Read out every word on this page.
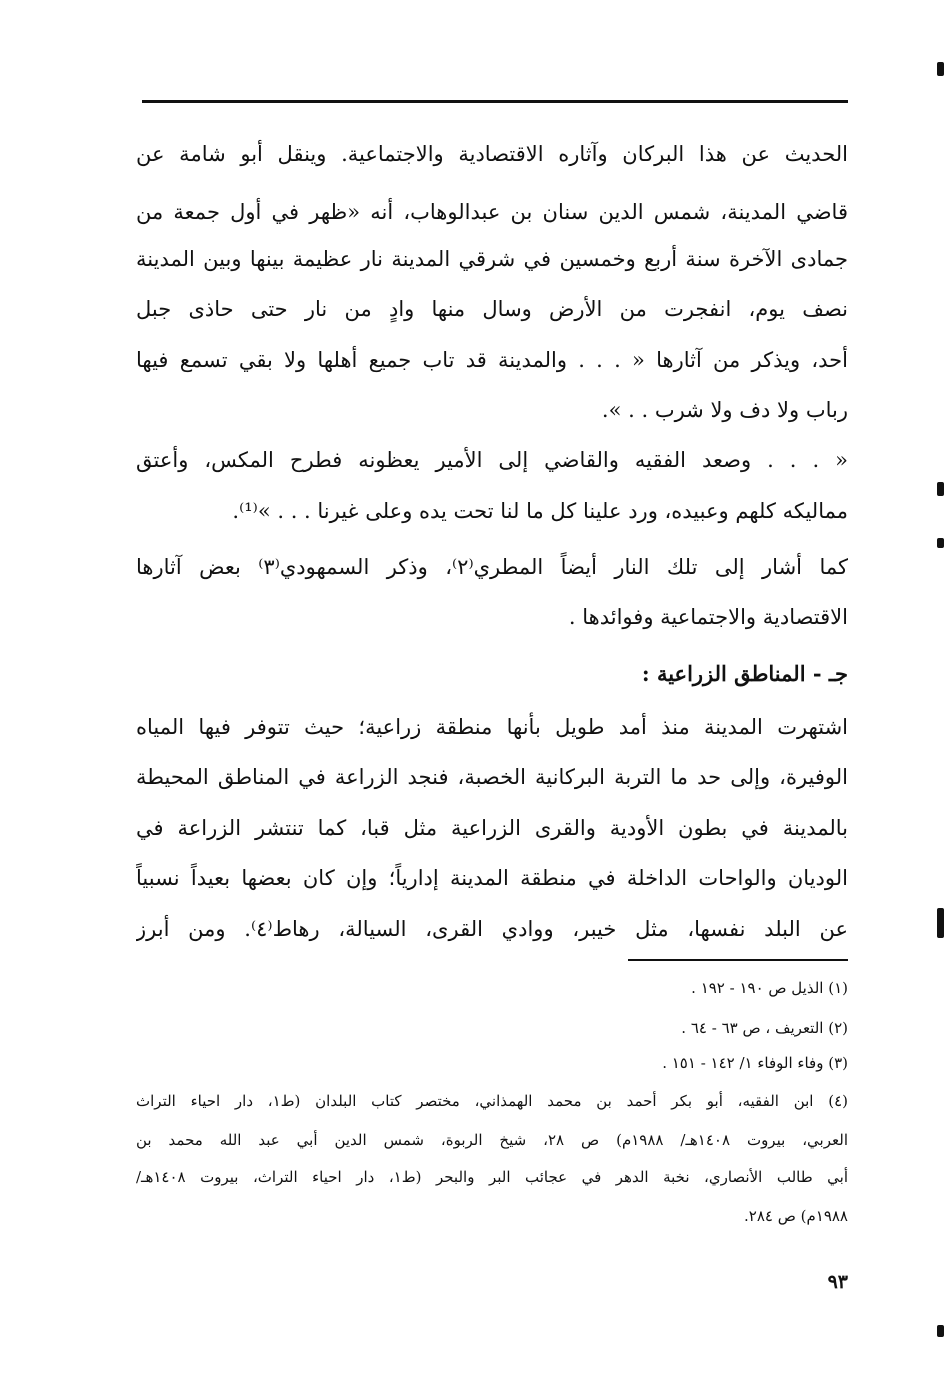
الحديث عن هذا البركان وآثاره الاقتصادية والاجتماعية. وينقل أبو شامة عن
قاضي المدينة، شمس الدين سنان بن عبدالوهاب، أنه «ظهر في أول جمعة من
جمادى الآخرة سنة أربع وخمسين في شرقي المدينة نار عظيمة بينها وبين المدينة
نصف يوم، انفجرت من الأرض وسال منها وادٍ من نار حتى حاذى جبل
أحد، ويذكر من آثارها « . . . والمدينة قد تاب جميع أهلها ولا بقي تسمع فيها
رباب ولا دف ولا شرب . . ».
« . . . وصعد الفقيه والقاضي إلى الأمير يعظونه فطرح المكس، وأعتق
مماليكه كلهم وعبيده، ورد علينا كل ما لنا تحت يده وعلى غيرنا . . . »⁽¹⁾.
كما أشار إلى تلك النار أيضاً المطري⁽٢⁾، وذكر السمهودي⁽٣⁾ بعض آثارها
الاقتصادية والاجتماعية وفوائدها .
جـ - المناطق الزراعية :
اشتهرت المدينة منذ أمد طويل بأنها منطقة زراعية؛ حيث تتوفر فيها المياه
الوفيرة، وإلى حد ما التربة البركانية الخصبة، فنجد الزراعة في المناطق المحيطة
بالمدينة في بطون الأودية والقرى الزراعية مثل قبا، كما تنتشر الزراعة في
الوديان والواحات الداخلة في منطقة المدينة إدارياً؛ وإن كان بعضها بعيداً نسبياً
عن البلد نفسها، مثل خيبر، ووادي القرى، السيالة، رهاط⁽٤⁾. ومن أبرز
(١) الذيل ص ١٩٠ - ١٩٢ .
(٢) التعريف ، ص ٦٣ - ٦٤ .
(٣) وفاء الوفاء ١/ ١٤٢ - ١٥١ .
(٤) ابن الفقيه، أبو بكر أحمد بن محمد الهمذاني، مختصر كتاب البلدان (ط١، دار احياء التراث
العربي، بيروت ١٤٠٨هـ/ ١٩٨٨م) ص ٢٨، شيخ الربوة، شمس الدين أبي عبد الله محمد بن
أبي طالب الأنصاري، نخبة الدهر في عجائب البر والبحر (ط١، دار احياء التراث، بيروت ١٤٠٨هـ/
١٩٨٨م) ص ٢٨٤.
٩٣
